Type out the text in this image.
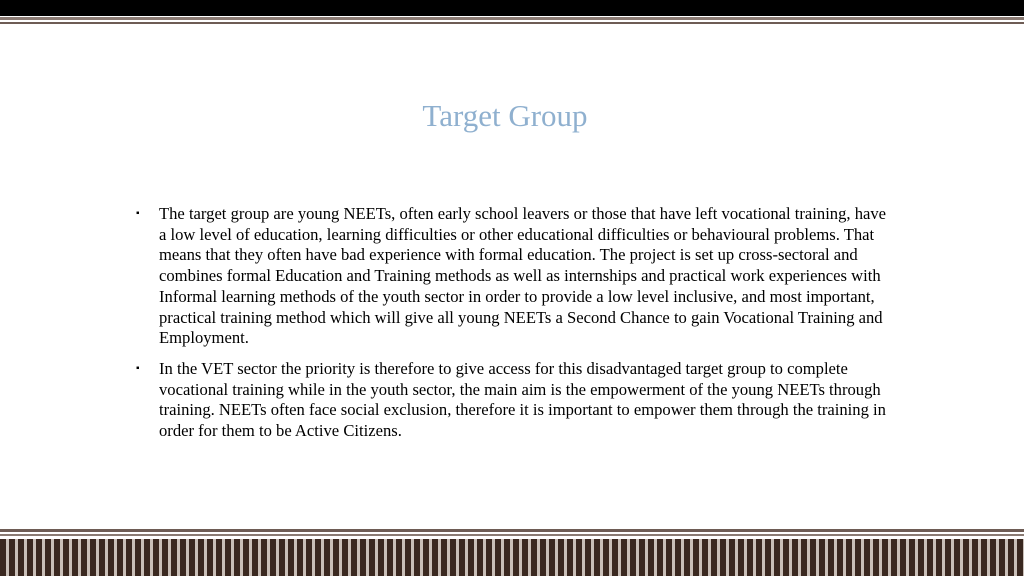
Target Group
▪ The target group are young NEETs, often early school leavers or those that have left vocational training, have a low level of education, learning difficulties or other educational difficulties or behavioural problems. That means that they often have bad experience with formal education. The project is set up cross-sectoral and combines formal Education and Training methods as well as internships and practical work experiences with Informal learning methods of the youth sector in order to provide a low level inclusive, and most important, practical training method which will give all young NEETs a Second Chance to gain Vocational Training and Employment.
▪ In the VET sector the priority is therefore to give access for this disadvantaged target group to complete vocational training while in the youth sector, the main aim is the empowerment of the young NEETs through training. NEETs often face social exclusion, therefore it is important to empower them through the training in order for them to be Active Citizens.
